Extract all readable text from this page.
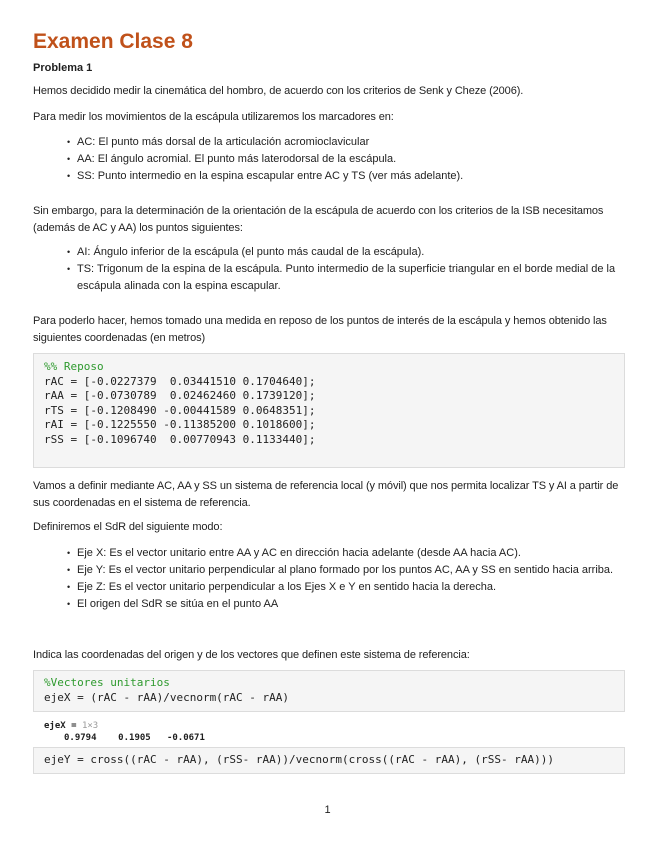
Examen Clase 8
Problema 1

Hemos decidido medir la cinemática del hombro, de acuerdo con los criterios de Senk y Cheze (2006).

Para medir los movimientos de la escápula utilizaremos los marcadores en:

• AC: El punto más dorsal de la articulación acromioclavicular
• AA: El ángulo acromial. El punto más laterodorsal de la escápula.
• SS: Punto intermedio en la espina escapular entre AC y TS (ver más adelante).

Sin embargo, para la determinación de la orientación de la escápula de acuerdo con los criterios de la ISB necesitamos (además de AC y AA) los puntos siguientes:

• AI: Ángulo inferior de la escápula (el punto más caudal de la escápula).
• TS: Trigonum de la espina de la escápula. Punto intermedio de la superficie triangular en el borde medial de la escápula alinada con la espina escapular.

Para poderlo hacer, hemos tomado una medida en reposo de los puntos de interés de la escápula y hemos obtenido las siguientes coordenadas (en metros)

%% Reposo
rAC = [-0.0227379  0.03441510 0.1704640];
rAA = [-0.0730789  0.02462460 0.1739120];
rTS = [-0.1208490 -0.00441589 0.0648351];
rAI = [-0.1225550 -0.11385200 0.1018600];
rSS = [-0.1096740  0.00770943 0.1133440];

Vamos a definir mediante AC, AA y SS un sistema de referencia local (y móvil) que nos permita localizar TS y AI a partir de sus coordenadas en el sistema de referencia.

Definiremos el SdR del siguiente modo:

• Eje X: Es el vector unitario entre AA y AC en dirección hacia adelante (desde AA hacia AC).
• Eje Y: Es el vector unitario perpendicular al plano formado por los puntos AC, AA y SS en sentido hacia arriba.
• Eje Z: Es el vector unitario perpendicular a los Ejes X e Y en sentido hacia la derecha.
• El origen del SdR se sitúa en el punto AA

Indica las coordenadas del origen y de los vectores que definen este sistema de referencia:

%Vectores unitarios
ejeX = (rAC - rAA)/vecnorm(rAC - rAA)
ejeX = 1×3
0.9794    0.1905   -0.0671
ejeY = cross((rAC - rAA), (rSS- rAA))/vecnorm(cross((rAC - rAA), (rSS- rAA)))
1
